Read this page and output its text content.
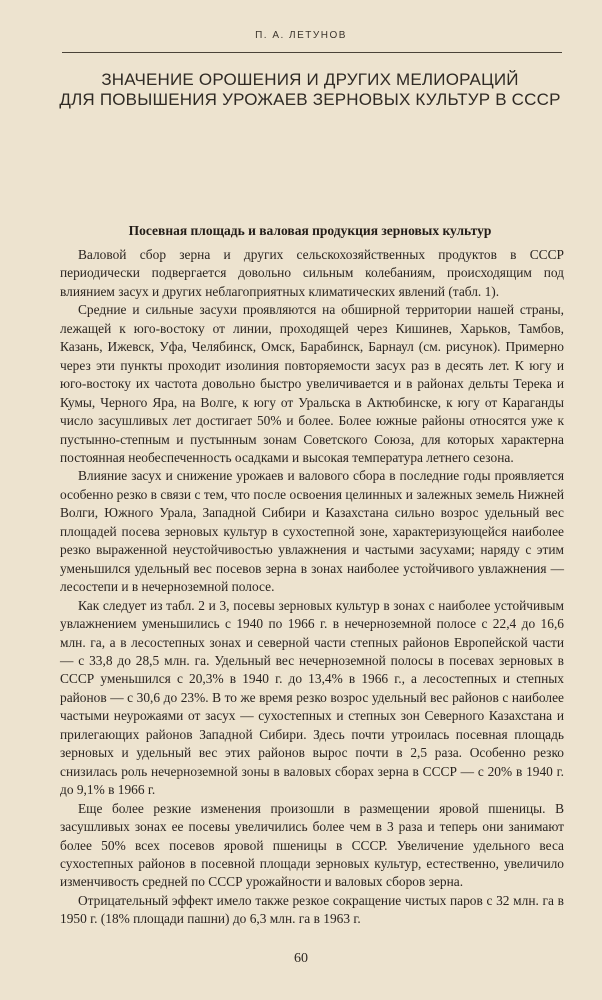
П. А. ЛЕТУНОВ
ЗНАЧЕНИЕ ОРОШЕНИЯ И ДРУГИХ МЕЛИОРАЦИЙ
ДЛЯ ПОВЫШЕНИЯ УРОЖАЕВ ЗЕРНОВЫХ КУЛЬТУР В СССР
Посевная площадь и валовая продукция зерновых культур

Валовой сбор зерна и других сельскохозяйственных продуктов в СССР периодически подвергается довольно сильным колебаниям, происходящим под влиянием засух и других неблагоприятных климатических явлений (табл. 1).

Средние и сильные засухи проявляются на обширной территории нашей страны, лежащей к юго-востоку от линии, проходящей через Кишинев, Харьков, Тамбов, Казань, Ижевск, Уфа, Челябинск, Омск, Барабинск, Барнаул (см. рисунок). Примерно через эти пункты проходит изолиния повторяемости засух раз в десять лет. К югу и юго-востоку их частота довольно быстро увеличивается и в районах дельты Терека и Кумы, Черного Яра, на Волге, к югу от Уральска в Актюбинске, к югу от Караганды число засушливых лет достигает 50% и более. Более южные районы относятся уже к пустынно-степным и пустынным зонам Советского Союза, для которых характерна постоянная необеспеченность осадками и высокая температура летнего сезона.

Влияние засух и снижение урожаев и валового сбора в последние годы проявляется особенно резко в связи с тем, что после освоения целинных и залежных земель Нижней Волги, Южного Урала, Западной Сибири и Казахстана сильно возрос удельный вес площадей посева зерновых культур в сухостепной зоне, характеризующейся наиболее резко выраженной неустойчивостью увлажнения и частыми засухами; наряду с этим уменьшился удельный вес посевов зерна в зонах наиболее устойчивого увлажнения — лесостепи и в нечерноземной полосе.

Как следует из табл. 2 и 3, посевы зерновых культур в зонах с наиболее устойчивым увлажнением уменьшились с 1940 по 1966 г. в нечерноземной полосе с 22,4 до 16,6 млн. га, а в лесостепных зонах и северной части степных районов Европейской части — с 33,8 до 28,5 млн. га. Удельный вес нечерноземной полосы в посевах зерновых в СССР уменьшился с 20,3% в 1940 г. до 13,4% в 1966 г., а лесостепных и степных районов — с 30,6 до 23%. В то же время резко возрос удельный вес районов с наиболее частыми неурожаями от засух — сухостепных и степных зон Северного Казахстана и прилегающих районов Западной Сибири. Здесь почти утроилась посевная площадь зерновых и удельный вес этих районов вырос почти в 2,5 раза. Особенно резко снизилась роль нечерноземной зоны в валовых сборах зерна в СССР — с 20% в 1940 г. до 9,1% в 1966 г.

Еще более резкие изменения произошли в размещении яровой пшеницы. В засушливых зонах ее посевы увеличились более чем в 3 раза и теперь они занимают более 50% всех посевов яровой пшеницы в СССР. Увеличение удельного веса сухостепных районов в посевной площади зерновых культур, естественно, увеличило изменчивость средней по СССР урожайности и валовых сборов зерна.

Отрицательный эффект имело также резкое сокращение чистых паров с 32 млн. га в 1950 г. (18% площади пашни) до 6,3 млн. га в 1963 г.

60
